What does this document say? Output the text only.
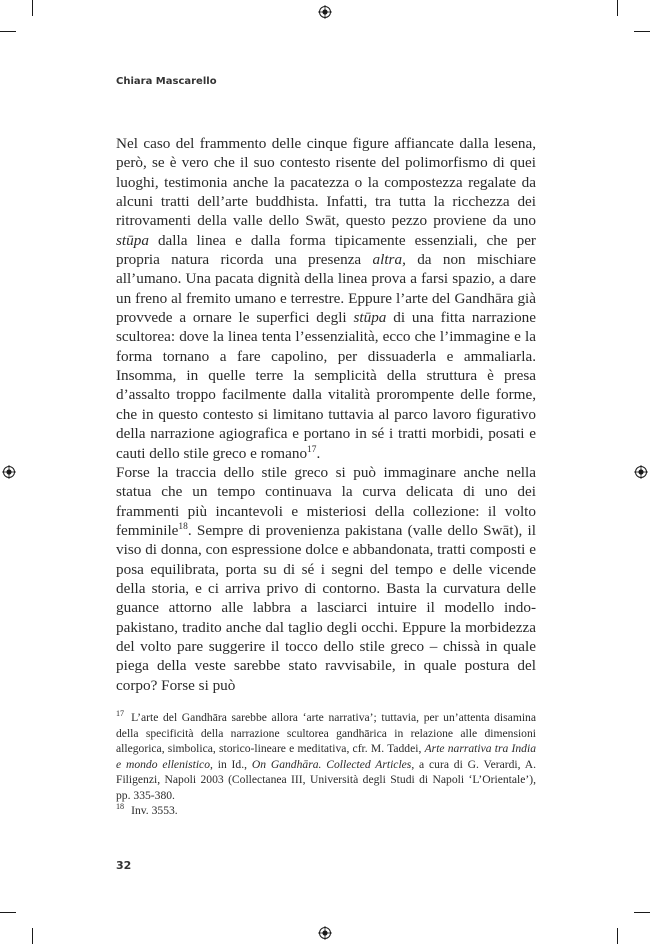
Chiara Mascarello

Nel caso del frammento delle cinque figure affiancate dalla lesena, però, se è vero che il suo contesto risente del polimorfismo di quei luoghi, testimonia anche la pacatezza o la compostezza regalate da alcuni tratti dell’arte buddhista. Infatti, tra tutta la ricchezza dei ritrovamenti della valle dello Swāt, questo pezzo proviene da uno stūpa dalla linea e dalla forma tipicamente essenziali, che per propria natura ricorda una presenza altra, da non mischiare all’umano. Una pacata dignità della linea prova a farsi spazio, a dare un freno al fremito umano e terrestre. Eppure l’arte del Gandhāra già provvede a ornare le superfici degli stūpa di una fitta narrazione scultorea: dove la linea tenta l’essenzialità, ecco che l’immagine e la forma tornano a fare capolino, per dissuaderla e ammaliarla. Insomma, in quelle terre la semplicità della struttura è presa d’assalto troppo facilmente dalla vitalità prorompente delle forme, che in questo contesto si limitano tuttavia al parco lavoro figurativo della narrazione agiografica e portano in sé i tratti morbidi, posati e cauti dello stile greco e romano$^{17}$.

Forse la traccia dello stile greco si può immaginare anche nella statua che un tempo continuava la curva delicata di uno dei frammenti più incantevoli e misteriosi della collezione: il volto femminile$^{18}$. Sempre di provenienza pakistana (valle dello Swāt), il viso di donna, con espressione dolce e abbandonata, tratti composti e posa equilibrata, porta su di sé i segni del tempo e delle vicende della storia, e ci arriva privo di contorno. Basta la curvatura delle guance attorno alle labbra a lasciarci intuire il modello indo-pakistano, tradito anche dal taglio degli occhi. Eppure la morbidezza del volto pare suggerire il tocco dello stile greco – chissà in quale piega della veste sarebbe stato ravvisabile, in quale postura del corpo? Forse si può

$^{17}$ L’arte del Gandhāra sarebbe allora ‘arte narrativa’; tuttavia, per un’attenta disamina della specificità della narrazione scultorea gandhārica in relazione alle dimensioni allegorica, simbolica, storico-lineare e meditativa, cfr. M. Taddei, Arte narrativa tra India e mondo ellenistico, in Id., On Gandhāra. Collected Articles, a cura di G. Verardi, A. Filigenzi, Napoli 2003 (Collectanea III, Università degli Studi di Napoli ‘L’Orientale’), pp. 335-380.

$^{18}$ Inv. 3553.

32
